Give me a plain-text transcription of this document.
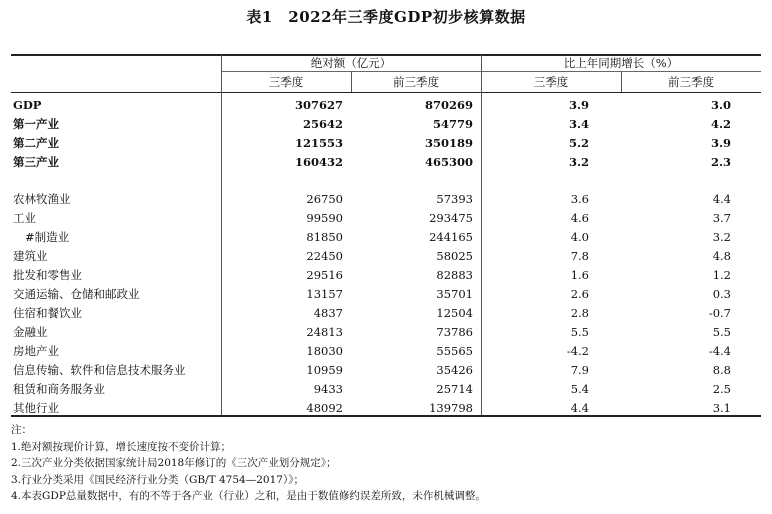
表1　2022年三季度GDP初步核算数据
绝对额（亿元）	比上年同期增长（%）
三季度	前三季度	三季度	前三季度
GDP	307627	870269	3.9	3.0
第一产业	25642	54779	3.4	4.2
第二产业	121553	350189	5.2	3.9
第三产业	160432	465300	3.2	2.3
农林牧渔业	26750	57393	3.6	4.4
工业	99590	293475	4.6	3.7
#制造业	81850	244165	4.0	3.2
建筑业	22450	58025	7.8	4.8
批发和零售业	29516	82883	1.6	1.2
交通运输、仓储和邮政业	13157	35701	2.6	0.3
住宿和餐饮业	4837	12504	2.8	-0.7
金融业	24813	73786	5.5	5.5
房地产业	18030	55565	-4.2	-4.4
信息传输、软件和信息技术服务业	10959	35426	7.9	8.8
租赁和商务服务业	9433	25714	5.4	2.5
其他行业	48092	139798	4.4	3.1
注：
1.绝对额按现价计算，增长速度按不变价计算；
2.三次产业分类依据国家统计局2018年修订的《三次产业划分规定》；
3.行业分类采用《国民经济行业分类（GB/T 4754—2017）》；
4.本表GDP总量数据中，有的不等于各产业（行业）之和，是由于数值修约误差所致，未作机械调整。
